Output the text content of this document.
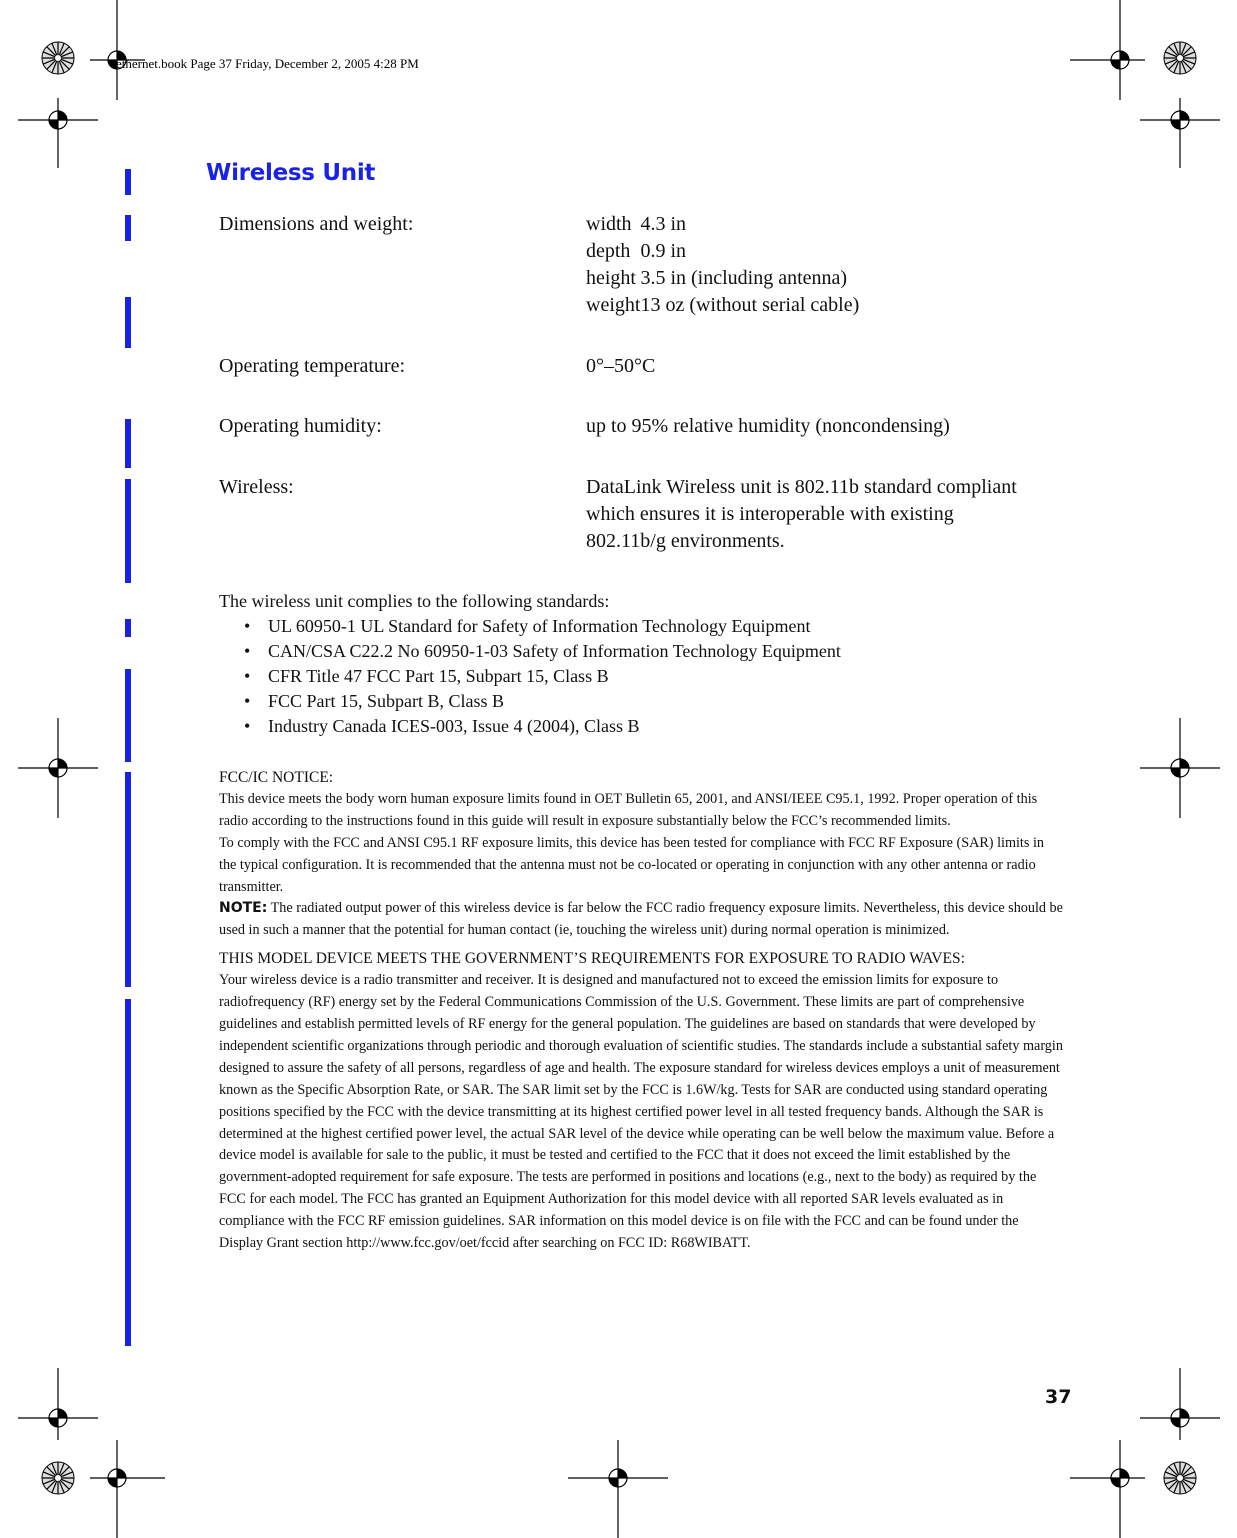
ethernet.book Page 37 Friday, December 2, 2005 4:28 PM
Wireless Unit
Dimensions and weight:	width	4.3 in
depth	0.9 in
height	3.5 in (including antenna)
weight	13 oz (without serial cable)
Operating temperature:	0°–50°C
Operating humidity:	up to 95% relative humidity (noncondensing)
Wireless:	DataLink Wireless unit is 802.11b standard compliant which ensures it is interoperable with existing 802.11b/g environments.
The wireless unit complies to the following standards:
• UL 60950-1 UL Standard for Safety of Information Technology Equipment
• CAN/CSA C22.2 No 60950-1-03 Safety of Information Technology Equipment
• CFR Title 47 FCC Part 15, Subpart 15, Class B
• FCC Part 15, Subpart B, Class B
• Industry Canada ICES-003, Issue 4 (2004), Class B

FCC/IC NOTICE:

This device meets the body worn human exposure limits found in OET Bulletin 65, 2001, and ANSI/IEEE C95.1, 1992. Proper operation of this radio according to the instructions found in this guide will result in exposure substantially below the FCC’s recommended limits.

To comply with the FCC and ANSI C95.1 RF exposure limits, this device has been tested for compliance with FCC RF Exposure (SAR) limits in the typical configuration. It is recommended that the antenna must not be co-located or operating in conjunction with any other antenna or radio transmitter.

NOTE: The radiated output power of this wireless device is far below the FCC radio frequency exposure limits. Nevertheless, this device should be used in such a manner that the potential for human contact (ie, touching the wireless unit) during normal operation is minimized.

THIS MODEL DEVICE MEETS THE GOVERNMENT’S REQUIREMENTS FOR EXPOSURE TO RADIO WAVES:

Your wireless device is a radio transmitter and receiver. It is designed and manufactured not to exceed the emission limits for exposure to radiofrequency (RF) energy set by the Federal Communications Commission of the U.S. Government. These limits are part of comprehensive guidelines and establish permitted levels of RF energy for the general population. The guidelines are based on standards that were developed by independent scientific organizations through periodic and thorough evaluation of scientific studies. The standards include a substantial safety margin designed to assure the safety of all persons, regardless of age and health. The exposure standard for wireless devices employs a unit of measurement known as the Specific Absorption Rate, or SAR. The SAR limit set by the FCC is 1.6W/kg. Tests for SAR are conducted using standard operating positions specified by the FCC with the device transmitting at its highest certified power level in all tested frequency bands. Although the SAR is determined at the highest certified power level, the actual SAR level of the device while operating can be well below the maximum value. Before a device model is available for sale to the public, it must be tested and certified to the FCC that it does not exceed the limit established by the government-adopted requirement for safe exposure. The tests are performed in positions and locations (e.g., next to the body) as required by the FCC for each model. The FCC has granted an Equipment Authorization for this model device with all reported SAR levels evaluated as in compliance with the FCC RF emission guidelines. SAR information on this model device is on file with the FCC and can be found under the Display Grant section http://www.fcc.gov/oet/fccid after searching on FCC ID: R68WIBATT.

37
